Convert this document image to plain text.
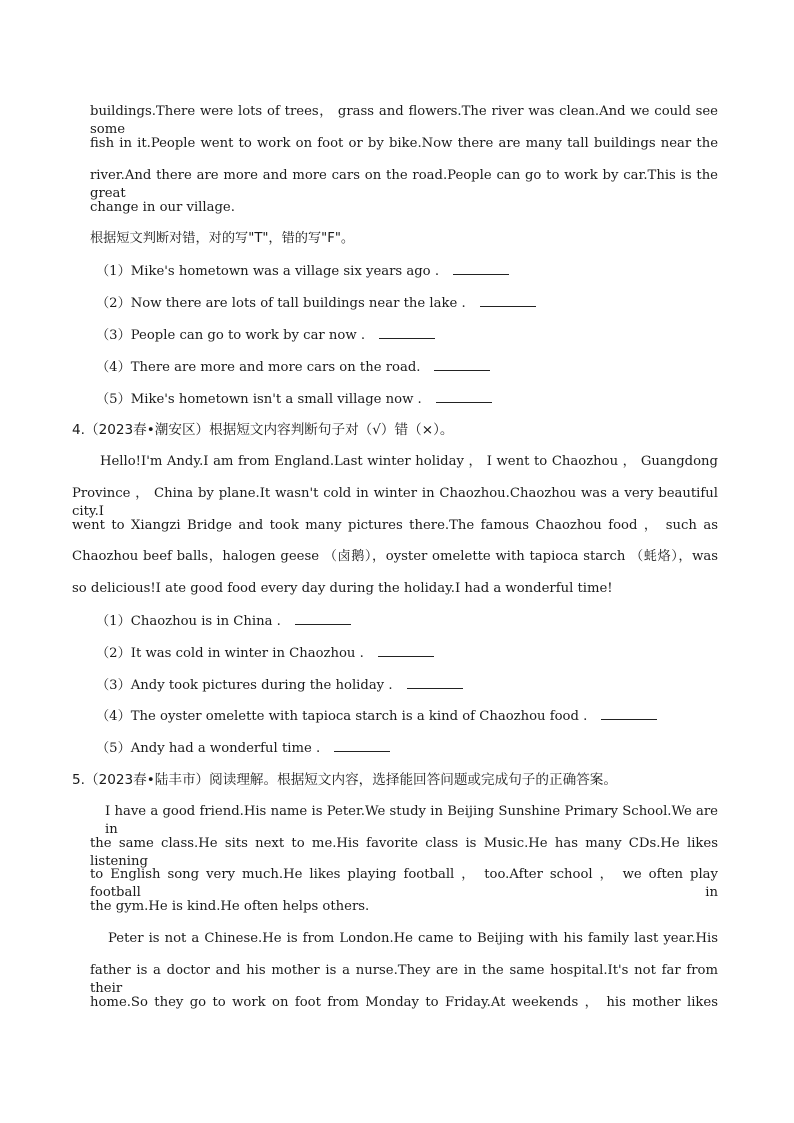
buildings.There were lots of trees， grass and flowers.The river was clean.And we could see some
fish in it.People went to work on foot or by bike.Now there are many tall buildings near the
river.And there are more and more cars on the road.People can go to work by car.This is the great
change in our village.
根据短文判断对错，对的写"T"，错的写"F"。
（1）Mike's hometown was a village six years ago .
（2）Now there are lots of tall buildings near the lake .
（3）People can go to work by car now .
（4）There are more and more cars on the road.
（5）Mike's hometown isn't a small village now .
4.（2023春•潮安区）根据短文内容判断句子对（√）错（×）。
Hello!I'm Andy.I am from England.Last winter holiday ， I went to Chaozhou ， Guangdong
Province ， China by plane.It wasn't cold in winter in Chaozhou.Chaozhou was a very beautiful city.I
went to Xiangzi Bridge and took many pictures there.The famous Chaozhou food ， such as
Chaozhou beef balls，halogen geese （卤鹅），oyster omelette with tapioca starch （蚝烙），was
so delicious!I ate good food every day during the holiday.I had a wonderful time!
（1）Chaozhou is in China .
（2）It was cold in winter in Chaozhou .
（3）Andy took pictures during the holiday .
（4）The oyster omelette with tapioca starch is a kind of Chaozhou food .
（5）Andy had a wonderful time .
5.（2023春•陆丰市）阅读理解。根据短文内容，选择能回答问题或完成句子的正确答案。
I have a good friend.His name is Peter.We study in Beijing Sunshine Primary School.We are in
the same class.He sits next to me.His favorite class is Music.He has many CDs.He likes listening
to English song very much.He likes playing football ， too.After school ， we often play football in
the gym.He is kind.He often helps others.
Peter is not a Chinese.He is from London.He came to Beijing with his family last year.His
father is a doctor and his mother is a nurse.They are in the same hospital.It's not far from their
home.So they go to work on foot from Monday to Friday.At weekends ， his mother likes
